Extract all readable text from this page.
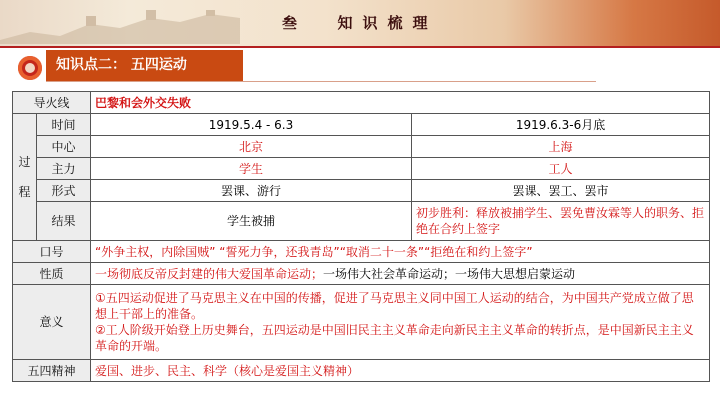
叁  知识梳理
知识点二： 五四运动
导火线		巴黎和会外交失败	

过
程	时间	1919.5.4 - 6.3	1919.6.3-6月底
	中心	北京	上海
	主力	学生	工人
	形式	罢课、游行	罢课、罢工、罢市
	结果	学生被捕	初步胜利：释放被捕学生、罢免曹汝霖等人的职务、拒绝在合约上签字
口号		“外争主权，内除国贼” “誓死力争，还我青岛”“取消二十一条”“拒绝在和约上签字”	
性质		一场彻底反帝反封建的伟大爱国革命运动；一场伟大社会革命运动；一场伟大思想启蒙运动	
意义		①五四运动促进了马克思主义在中国的传播，促进了马克思主义同中国工人运动的结合，为中国共产党成立做了思想上干部上的准备。
②工人阶级开始登上历史舞台，五四运动是中国旧民主主义革命走向新民主主义革命的转折点，是中国新民主主义革命的开端。	

五四精神		爱国、进步、民主、科学（核心是爱国主义精神）	
